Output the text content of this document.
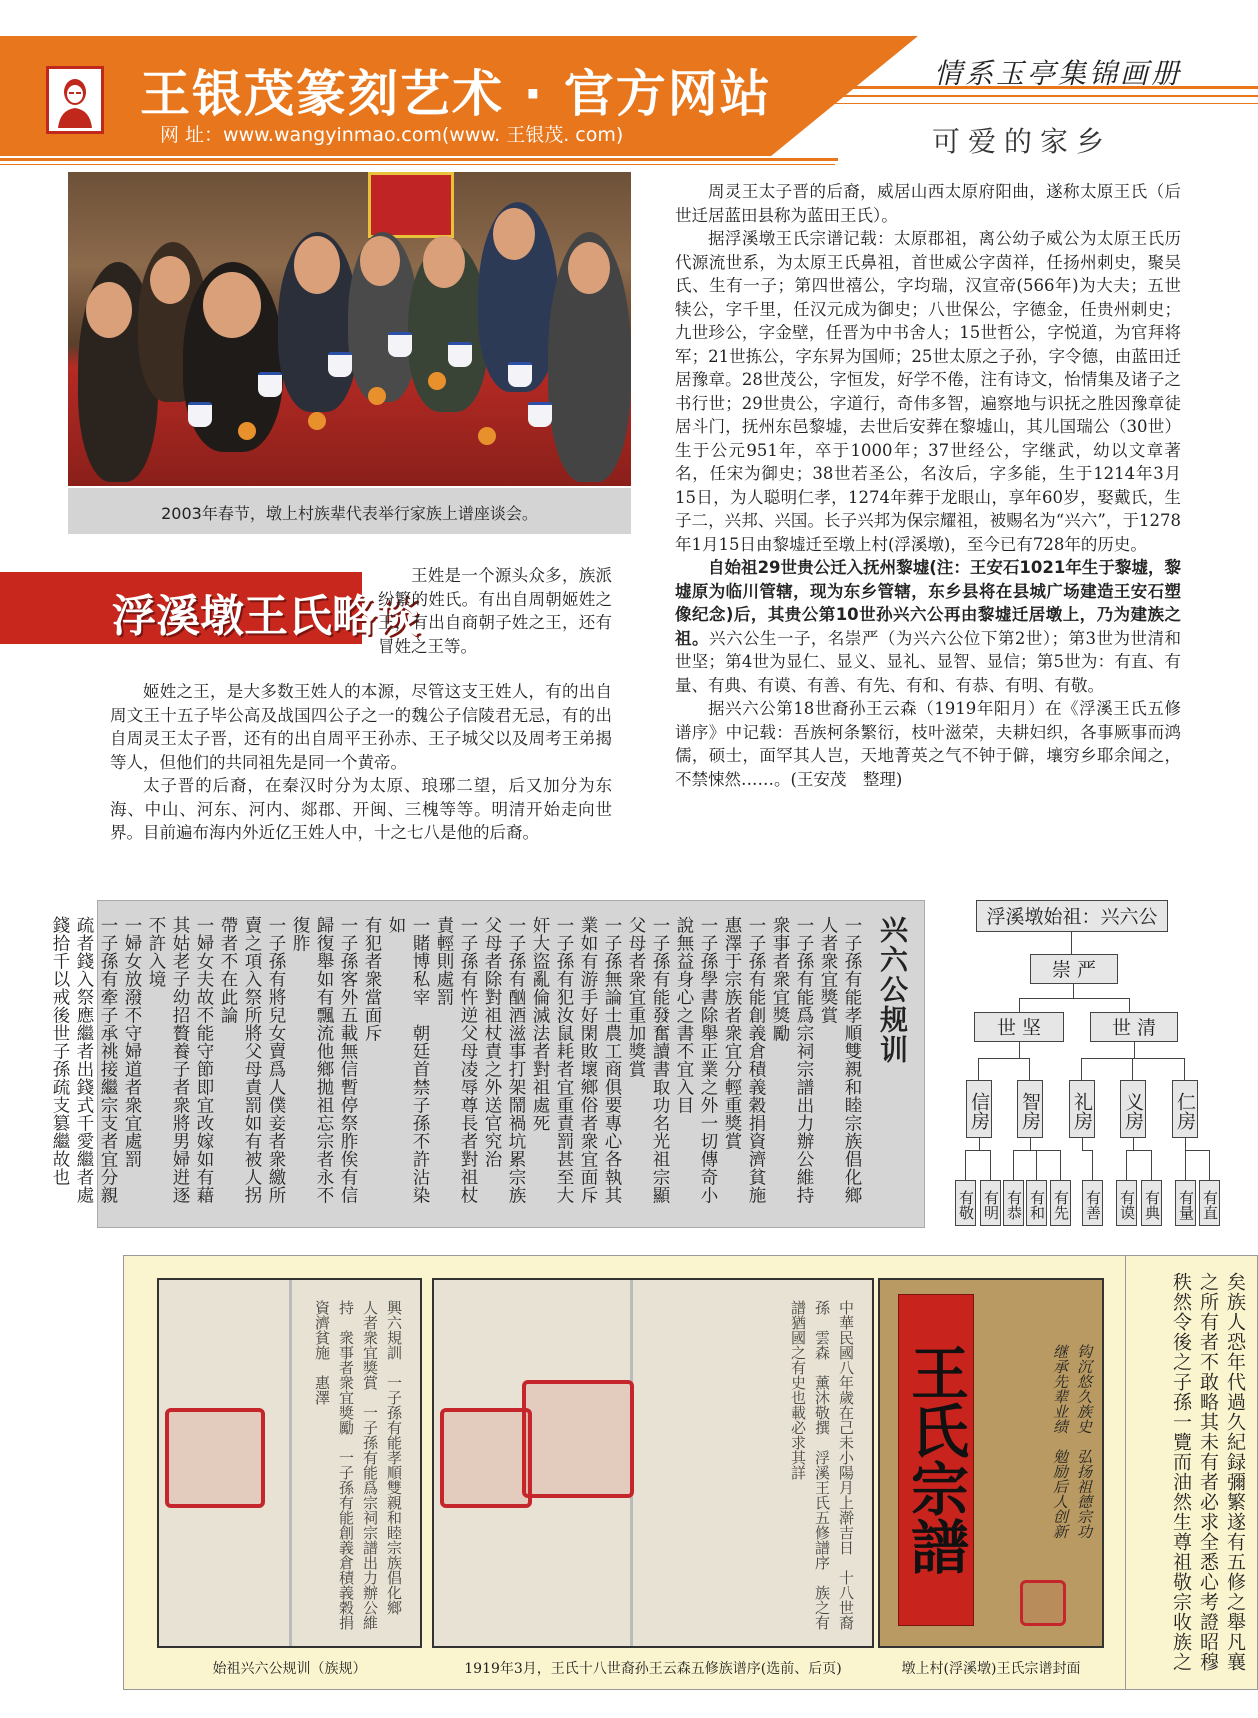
王银茂篆刻艺术 · 官方网站
网 址：www.wangyinmao.com(www. 王银茂. com)
情系玉亭集锦画册
可爱的家乡
2003年春节，墩上村族辈代表举行家族上谱座谈会。
浮溪墩王氏略谈

王姓是一个源头众多，族派纷繁的姓氏。有出自周朝姬姓之王，有出自商朝子姓之王，还有冒姓之王等。

姬姓之王，是大多数王姓人的本源，尽管这支王姓人，有的出自周文王十五子毕公高及战国四公子之一的魏公子信陵君无忌，有的出自周灵王太子晋，还有的出自周平王孙赤、王子城父以及周考王弟揭等人，但他们的共同祖先是同一个黄帝。

太子晋的后裔，在秦汉时分为太原、琅琊二望，后又加分为东海、中山、河东、河内、郯郡、开闽、三槐等等。明清开始走向世界。目前遍布海内外近亿王姓人中，十之七八是他的后裔。

周灵王太子晋的后裔，威居山西太原府阳曲，遂称太原王氏（后世迁居蓝田县称为蓝田王氏）。

据浮溪墩王氏宗谱记载：太原郡祖，离公幼子威公为太原王氏历代源流世系，为太原王氏鼻祖，首世威公字茵祥，任扬州刺史，聚吴氏、生有一子；第四世禧公，字均瑞，汉宣帝(566年)为大夫；五世犊公，字千里，任汉元成为御史；八世保公，字德金，任贵州刺史；九世珍公，字金壁，任晋为中书舍人；15世哲公，字悦道，为官拜将军；21世拣公，字东昇为国师；25世太原之子孙，字令德，由蓝田迁居豫章。28世茂公，字恒发，好学不倦，注有诗文，怡情集及诸子之书行世；29世贵公，字道行，奇伟多智，遍察地与识抚之胜因豫章徒居斗门，抚州东邑黎墟，去世后安葬在黎墟山，其儿国瑞公（30世）生于公元951年，卒于1000年；37世经公，字继武，幼以文章著名，任宋为御史；38世若圣公，名汝后，字多能，生于1214年3月15日，为人聪明仁孝，1274年葬于龙眼山，享年60岁，娶戴氏，生子二，兴邦、兴国。长子兴邦为保宗耀祖，被赐名为“兴六”，于1278年1月15日由黎墟迁至墩上村(浮溪墩)，至今已有728年的历史。

自始祖29世贵公迁入抚州黎墟(注：王安石1021年生于黎墟，黎墟原为临川管辖，现为东乡管辖，东乡县将在县城广场建造王安石塑像纪念)后，其贵公第10世孙兴六公再由黎墟迁居墩上，乃为建族之祖。兴六公生一子，名崇严（为兴六公位下第2世）；第3世为世清和世坚；第4世为显仁、显义、显礼、显智、显信；第5世为：有直、有量、有典、有谟、有善、有先、有和、有恭、有明、有敬。

据兴六公第18世裔孙王云森（1919年阳月）在《浮溪王氏五修谱序》中记载：吾族柯条繁衍，枝叶滋荣，夫耕妇织，各事厥事而鸿儒，硕士，面罕其人岂，天地菁英之气不钟于僻，壤穷乡耶余闻之，不禁悚然……。(王安茂　整理)

兴六公规训
一子孫有能孝順雙親和睦宗族倡化鄉
人者衆宜獎賞
一子孫有能爲宗祠宗譜出力辦公維持
衆事者衆宜獎勵
一子孫有能創義倉積義穀捐資濟貧施
惠澤于宗族者衆宜分輕重獎賞
一子孫學書除舉正業之外一切傳奇小
說無益身心之書不宜入目
一子孫有能發奮讀書取功名光祖宗顯
父母者衆宜重加獎賞
一子孫無論士農工商俱要專心各執其
業如有游手好閑敗壞鄉俗者衆宜面斥
一子孫有犯汝鼠耗者宜重責罰甚至大
奸大盜亂倫滅法者對祖處死
一子孫有酗酒滋事打架鬧禍坑累宗族
父母者除對祖杖責之外送官究治
一子孫有忤逆父母凌辱尊長者對祖杖
責輕則處罰
一賭博私宰　朝廷首禁子孫不許沾染如
有犯者衆當面斥
一子孫客外五載無信暫停祭胙俟有信
歸復舉如有飄流他鄉拋祖忘宗者永不
復胙
一子孫有將兒女賣爲人僕妾者衆繳所
賣之項入祭所將父母責罰如有被人拐
帶者不在此論
一婦女夫故不能守節即宜改嫁如有藉
其姑老子幼招贅養子者衆將男婦逬逐
不許入境
一婦女放潑不守婦道者衆宜處罰
一子孫有牽子承祧接繼宗支者宜分親
疏者錢入祭應繼者出錢式千愛繼者處
錢拾千以戒後世子孫疏支篡繼故也	浮溪墩始祖：兴六公
崇 严
世 坚	世 清
信房 智房 礼房 义房 仁房
有敬 有明 有恭 有和 有先 有善 有谟 有典 有量 有直
興六規訓　一子孫有能孝順雙親和睦宗族倡化鄉　人者衆宜獎賞　一子孫有能爲宗祠宗譜出力辦公維持　衆事者衆宜獎勵　一子孫有能創義倉積義穀捐資濟貧施　惠澤	中華民國八年歲在己未小陽月上澣吉日　十八世裔孫　雲森　薰沐敬撰　浮溪王氏五修譜序　族之有譜猶國之有史也載必求其詳	王氏宗譜	钩沉悠久族史　弘扬祖德宗功　继承先辈业绩　勉励后人创新
始祖兴六公规训（族规）	1919年3月，王氏十八世裔孙王云森五修族谱序(选前、后页)	墩上村(浮溪墩)王氏宗谱封面	矣族人恐年代過久紀録彌繁遂有五修之舉凡襄之所有者不敢略其未有者必求全悉心考證昭穆秩然令後之子孫一覽而油然生尊祖敬宗收族之
